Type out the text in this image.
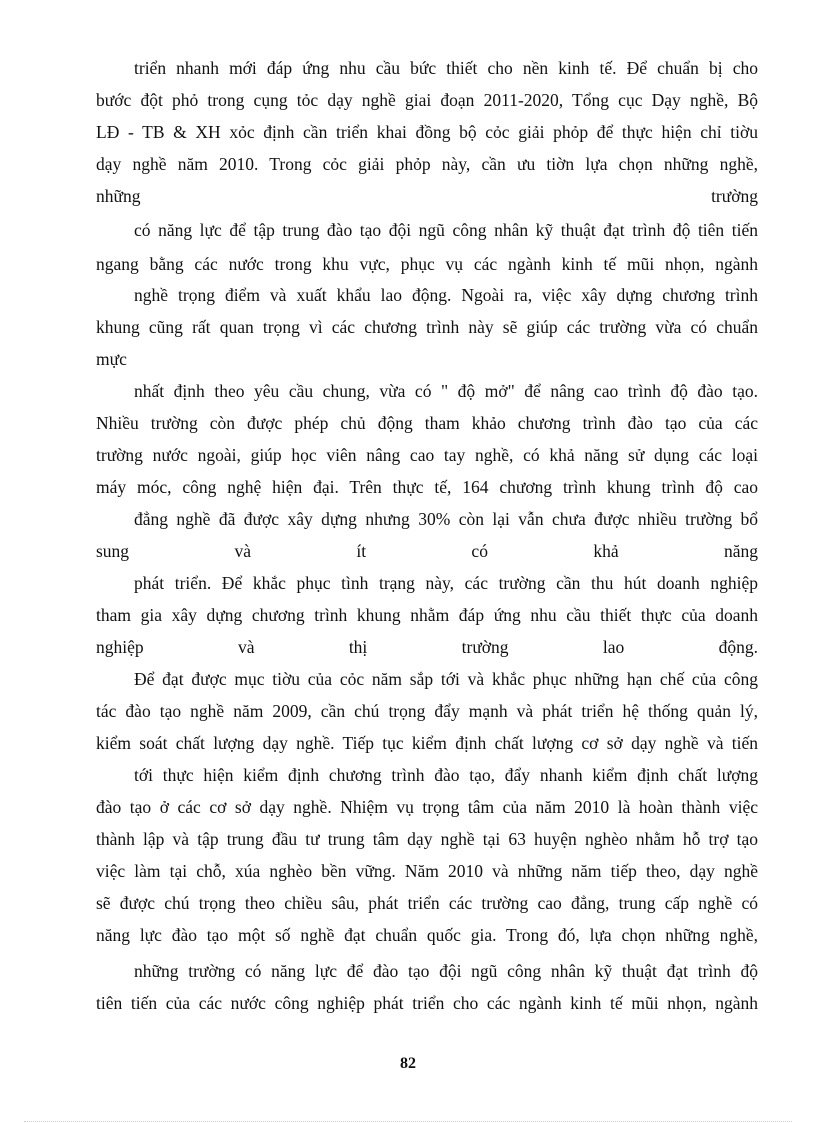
triển nhanh mới đáp ứng nhu cầu bức thiết cho nền kinh tế. Để chuẩn bị cho
bước đột phỏ trong cụng tỏc dạy nghề giai đoạn 2011-2020, Tổng cục Dạy nghề, Bộ
LĐ - TB & XH xỏc định cần triển khai đồng bộ cỏc giải phỏp để thực hiện chỉ tiờu
dạy nghề năm 2010. Trong cỏc giải phỏp này, cần ưu tiờn lựa chọn những nghề,
những trường
có năng lực để tập trung đào tạo đội ngũ công nhân kỹ thuật đạt trình độ tiên tiến
ngang bằng các nước trong khu vực, phục vụ các ngành kinh tế mũi nhọn, ngành
nghề trọng điểm và xuất khẩu lao động. Ngoài ra, việc xây dựng chương trình
khung cũng rất quan trọng vì các chương trình này sẽ giúp các trường vừa có chuẩn
mực
nhất định theo yêu cầu chung, vừa có " độ mở" để nâng cao trình độ đào tạo.
Nhiều trường còn được phép chủ động tham khảo chương trình đào tạo của các
trường nước ngoài, giúp học viên nâng cao tay nghề, có khả năng sử dụng các loại
máy móc, công nghệ hiện đại. Trên thực tế, 164 chương trình khung trình độ cao
đẳng nghề đã được xây dựng nhưng 30% còn lại vẫn chưa được nhiều trường bổ
sung và ít có khả năng
phát triển. Để khắc phục tình trạng này, các trường cần thu hút doanh nghiệp
tham gia xây dựng chương trình khung nhằm đáp ứng nhu cầu thiết thực của doanh
nghiệp và thị trường lao động.
Để đạt được mục tiờu của cỏc năm sắp tới và khắc phục những hạn chế của công
tác đào tạo nghề năm 2009, cần chú trọng đẩy mạnh và phát triển hệ thống quản lý,
kiểm soát chất lượng dạy nghề. Tiếp tục kiểm định chất lượng cơ sở dạy nghề và tiến
tới thực hiện kiểm định chương trình đào tạo, đẩy nhanh kiểm định chất lượng
đào tạo ở các cơ sở dạy nghề. Nhiệm vụ trọng tâm của năm 2010 là hoàn thành việc
thành lập và tập trung đầu tư trung tâm dạy nghề tại 63 huyện nghèo nhằm hỗ trợ tạo
việc làm tại chỗ, xúa nghèo bền vững. Năm 2010 và những năm tiếp theo, dạy nghề
sẽ được chú trọng theo chiều sâu, phát triển các trường cao đẳng, trung cấp nghề có
năng lực đào tạo một số nghề đạt chuẩn quốc gia. Trong đó, lựa chọn những nghề,
những trường có năng lực để đào tạo đội ngũ công nhân kỹ thuật đạt trình độ
tiên tiến của các nước công nghiệp phát triển cho các ngành kinh tế mũi nhọn, ngành
82
